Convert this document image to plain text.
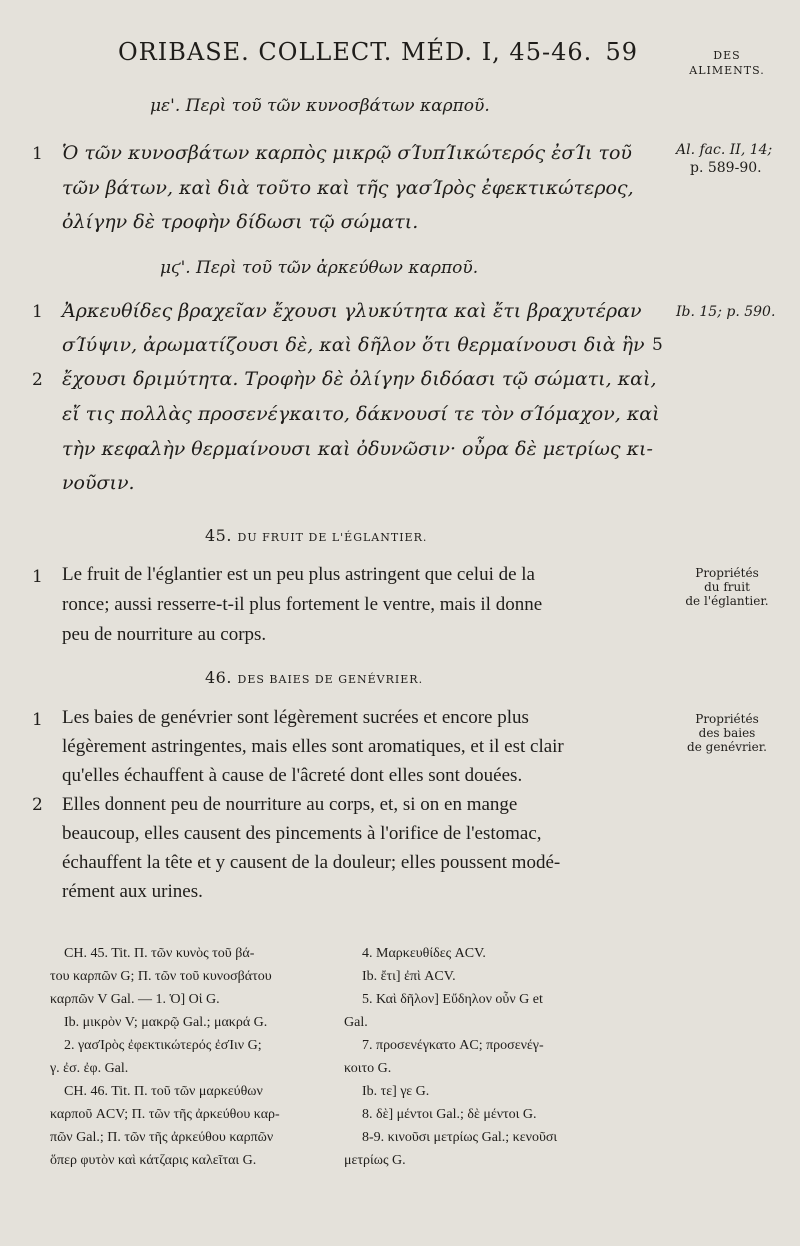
ORIBASE. COLLECT. MÉD. I, 45-46. 59	DES
ALIMENTS.
με'. Περὶ τοῦ τῶν κυνοσβάτων καρποῦ.
1 Ὁ τῶν κυνοσβάτων καρπὸς μικρῷ σΊυπΊικώτερός ἐσΊι τοῦ
τῶν βάτων, καὶ διὰ τοῦτο καὶ τῆς γασΊρὸς ἐφεκτικώτερος,
ὀλίγην δὲ τροφὴν δίδωσι τῷ σώματι.
Al. fac. II, 14;
p. 589-90.
μϛ'. Περὶ τοῦ τῶν ἀρκεύθων καρποῦ.
1
2
5
Ib. 15; p. 590.
Ἀρκευθίδες βραχεῖαν ἔχουσι γλυκύτητα καὶ ἔτι βραχυτέραν
σΊύψιν, ἀρωματίζουσι δὲ, καὶ δῆλον ὅτι θερμαίνουσι διὰ ἣν
ἔχουσι δριμύτητα. Τροφὴν δὲ ὀλίγην διδόασι τῷ σώματι, καὶ,
εἴ τις πολλὰς προσενέγκαιτο, δάκνουσί τε τὸν σΊόμαχον, καὶ
τὴν κεφαλὴν θερμαίνουσι καὶ ὀδυνῶσιν· οὖρα δὲ μετρίως κι-
νοῦσιν.
45. DU FRUIT DE L'ÉGLANTIER.
1 Le fruit de l'églantier est un peu plus astringent que celui de la
ronce; aussi resserre-t-il plus fortement le ventre, mais il donne
peu de nourriture au corps.
Propriétés
du fruit
de l'églantier.
46. DES BAIES DE GENÉVRIER.
1
2
Les baies de genévrier sont légèrement sucrées et encore plus
légèrement astringentes, mais elles sont aromatiques, et il est clair
qu'elles échauffent à cause de l'âcreté dont elles sont douées.
Elles donnent peu de nourriture au corps, et, si on en mange
beaucoup, elles causent des pincements à l'orifice de l'estomac,
échauffent la tête et y causent de la douleur; elles poussent modé-
rément aux urines.
Propriétés
des baies
de genévrier.
CH. 45. Tit. Π. τῶν κυνὸς τοῦ βά-
του καρπῶν G; Π. τῶν τοῦ κυνοσβάτου
καρπῶν V Gal. — 1. Ὁ] Οἱ G.
Ib. μικρὸν V; μακρῷ Gal.; μακρά G.
2. γασΊρὸς ἐφεκτικώτερός ἐσΊιν G;
γ. ἐσ. ἐφ. Gal.
CH. 46. Tit. Π. τοῦ τῶν μαρκεύθων
καρποῦ ACV; Π. τῶν τῆς ἀρκεύθου καρ-
πῶν Gal.; Π. τῶν τῆς ἀρκεύθου καρπῶν
ὅπερ φυτὸν καὶ κάτζαρις καλεῖται G.
4. Μαρκευθίδες ACV.
Ib. ἔτι] ἐπὶ ACV.
5. Καὶ δῆλον] Εὔδηλον οὖν G et
Gal.
7. προσενέγκατο AC; προσενέγ-
κοιτο G.
Ib. τε] γε G.
8. δὲ] μέντοι Gal.; δὲ μέντοι G.
8-9. κινοῦσι μετρίως Gal.; κενοῦσι
μετρίως G.
